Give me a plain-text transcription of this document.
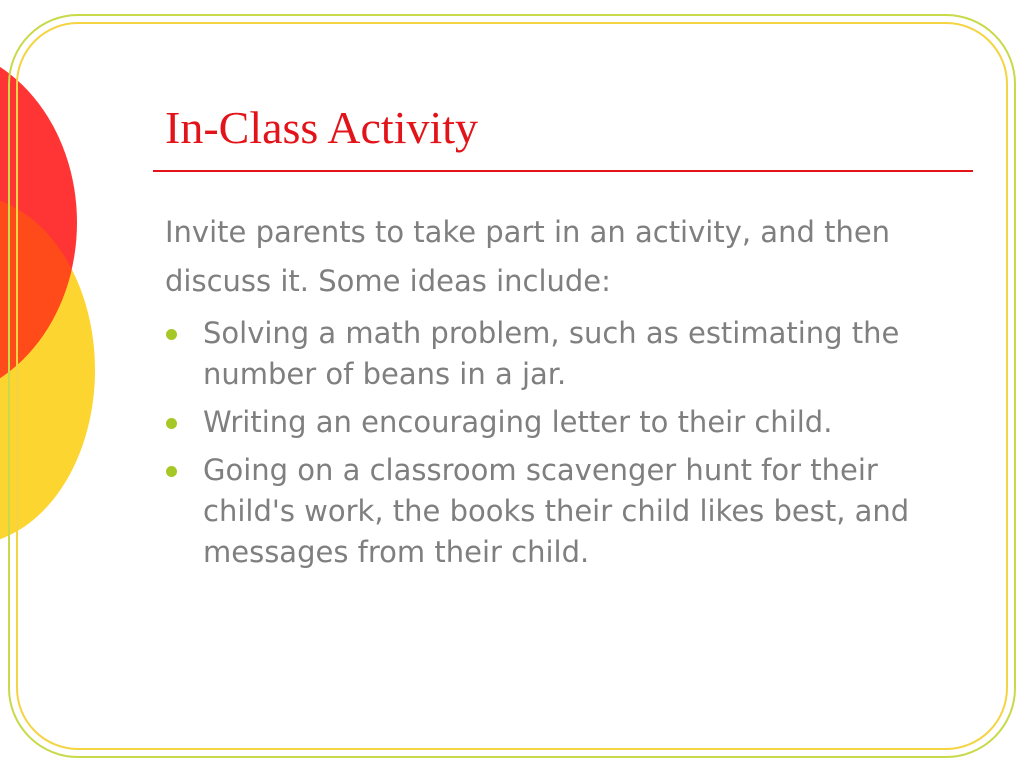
In-Class Activity

Invite parents to take part in an activity, and then discuss it. Some ideas include:

Solving a math problem, such as estimating the number of beans in a jar.
Writing an encouraging letter to their child.
Going on a classroom scavenger hunt for their child's work, the books their child likes best, and messages from their child.
